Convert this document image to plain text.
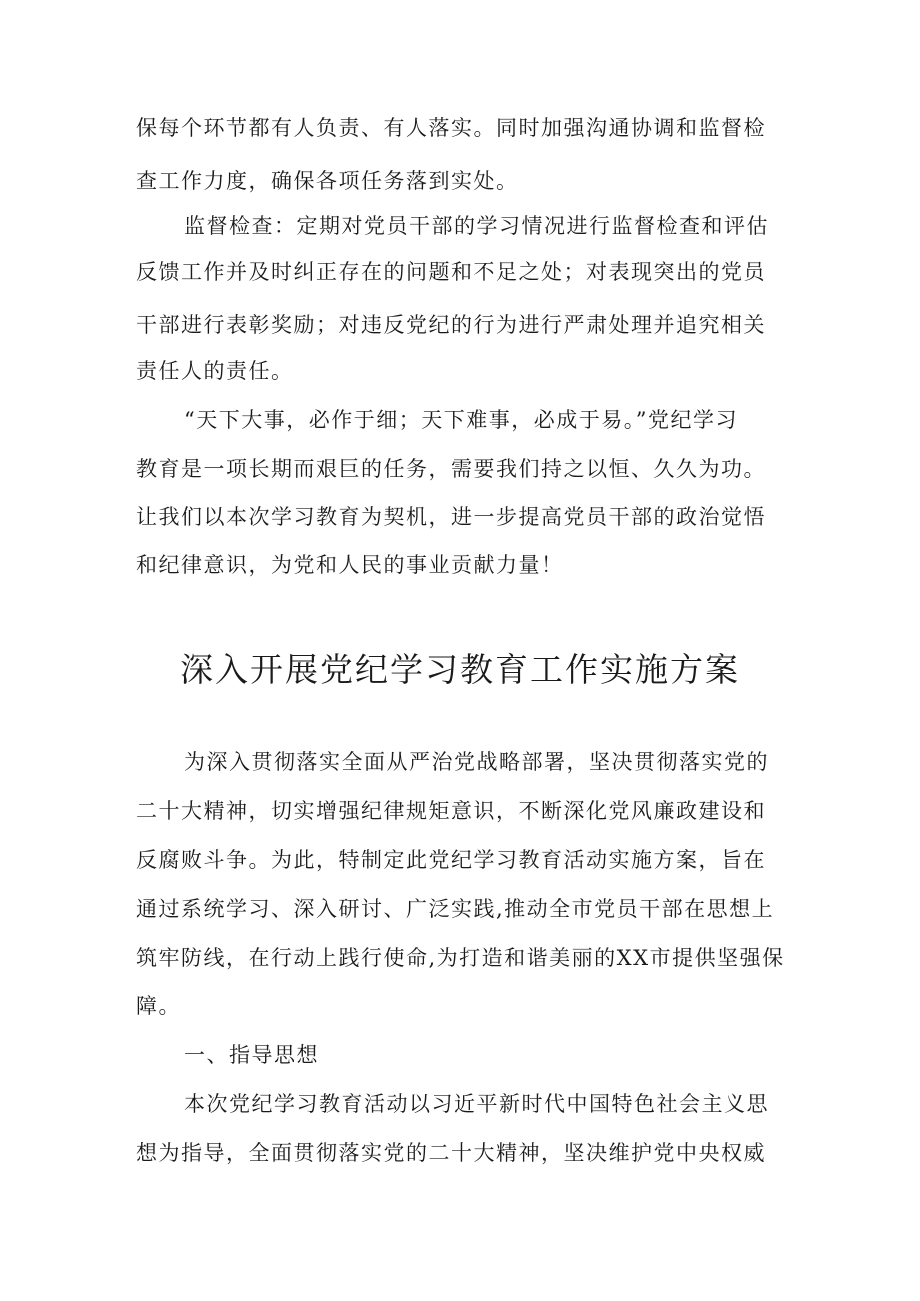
保每个环节都有人负责、有人落实。同时加强沟通协调和监督检
查工作力度，确保各项任务落到实处。
监督检查：定期对党员干部的学习情况进行监督检查和评估
反馈工作并及时纠正存在的问题和不足之处；对表现突出的党员
干部进行表彰奖励；对违反党纪的行为进行严肃处理并追究相关
责任人的责任。
“天下大事，必作于细；天下难事，必成于易。”党纪学习
教育是一项长期而艰巨的任务，需要我们持之以恒、久久为功。
让我们以本次学习教育为契机，进一步提高党员干部的政治觉悟
和纪律意识，为党和人民的事业贡献力量！
深入开展党纪学习教育工作实施方案
为深入贯彻落实全面从严治党战略部署，坚决贯彻落实党的
二十大精神，切实增强纪律规矩意识，不断深化党风廉政建设和
反腐败斗争。为此，特制定此党纪学习教育活动实施方案，旨在
通过系统学习、深入研讨、广泛实践,推动全市党员干部在思想上
筑牢防线，在行动上践行使命,为打造和谐美丽的XX市提供坚强保
障。
一、指导思想
本次党纪学习教育活动以习近平新时代中国特色社会主义思
想为指导，全面贯彻落实党的二十大精神，坚决维护党中央权威
